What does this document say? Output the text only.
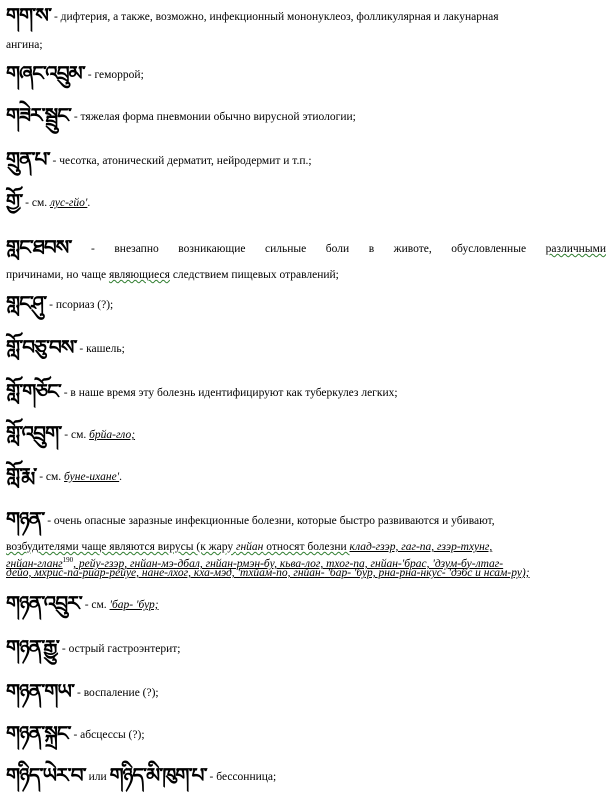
གག་ས་ - дифтерия, а также, возможно, инфекционный мононуклеоз, фолликулярная и лакунарная
ангина;
གཞང་འབྲུམ་ - геморрой;
གཟེར་སྦྲུང་ - тяжелая форма пневмонии обычно вирусной этиологии;
གྲུན་པ་ - чесотка, атонический дерматит, нейродермит и т.п.;
གྱོ་ - см. лус-гйо'.
གླང་ཐབས་ - внезапно возникающие сильные боли в животе, обусловленные различными
причинами, но чаще являющиеся следствием пищевых отравлений;
གླང་ཤུ་ - псориаз (?);
གློ་བཅུ་བས་ - кашель;
གློ་གཅོང་ - в наше время эту болезнь идентифицируют как туберкулез легких;
གློ་འབྲུག་ - см. брйа-гло;
གློ་རྨ་ - см. буне-ихане'.
གཉན་ - очень опасные заразные инфекционные болезни, которые быстро развиваются и убивают,
возбудителями чаще являются вирусы (к жару гнйан относят болезни клад-гзэр, гаг-па, гзэр-тхунг,
гнйан-гланг$^{190}$, рейу-гзэр, гнйан-мэ-дбал, гнйан-рмэн-бу, кьва-лог, тхог-па, гнйан-'брас, 'дзум-бу-лтаг-
дейо, мхрис-па-риар-рейуе, нане-лхог, кха-мэд, 'тхйам-по, гнйан- 'бар- 'бур, рна-рна-нкус- 'дэбс и нсам-ру);
གཉན་འབྲུར་ - см. 'бар- 'бур;
གཉན་རྒྱུ་ - острый гастроэнтерит;
གཉན་གཡ་ - воспаление (?);
གཉན་སྐྲང་ - абсцессы (?);
གཉིད་ཡེར་བ་ или གཉིད་མི་ཁུག་པ་ - бессонница;
